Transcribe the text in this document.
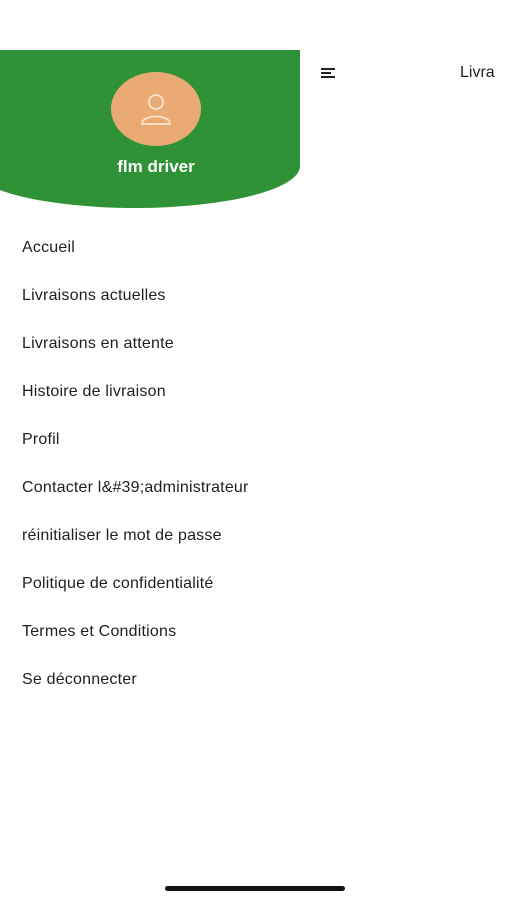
Livra
flm driver
Accueil
Livraisons actuelles
Livraisons en attente
Histoire de livraison
Profil
Contacter l&#39;administrateur
réinitialiser le mot de passe
Politique de confidentialité
Termes et Conditions
Se déconnecter
